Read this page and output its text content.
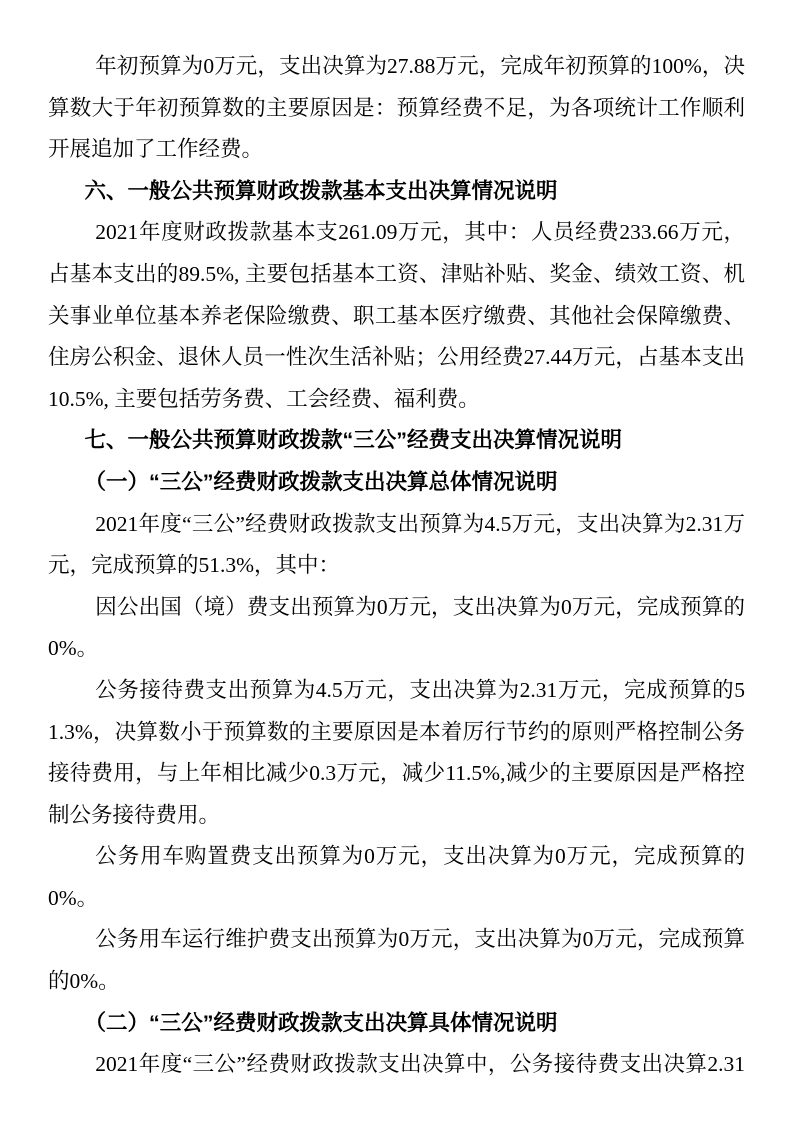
年初预算为0万元，支出决算为27.88万元，完成年初预算的100%，决算数大于年初预算数的主要原因是：预算经费不足，为各项统计工作顺利开展追加了工作经费。

六、一般公共预算财政拨款基本支出决算情况说明

2021年度财政拨款基本支261.09万元，其中：人员经费233.66万元，占基本支出的89.5%, 主要包括基本工资、津贴补贴、奖金、绩效工资、机关事业单位基本养老保险缴费、职工基本医疗缴费、其他社会保障缴费、住房公积金、退休人员一性次生活补贴；公用经费27.44万元，占基本支出10.5%, 主要包括劳务费、工会经费、福利费。

七、一般公共预算财政拨款“三公”经费支出决算情况说明

（一）“三公”经费财政拨款支出决算总体情况说明

2021年度“三公”经费财政拨款支出预算为4.5万元，支出决算为2.31万元，完成预算的51.3%，其中：

因公出国（境）费支出预算为0万元，支出决算为0万元，完成预算的0%。

公务接待费支出预算为4.5万元，支出决算为2.31万元，完成预算的51.3%，决算数小于预算数的主要原因是本着厉行节约的原则严格控制公务接待费用，与上年相比减少0.3万元，减少11.5%,减少的主要原因是严格控制公务接待费用。

公务用车购置费支出预算为0万元，支出决算为0万元，完成预算的0%。

公务用车运行维护费支出预算为0万元，支出决算为0万元，完成预算的0%。

（二）“三公”经费财政拨款支出决算具体情况说明

2021年度“三公”经费财政拨款支出决算中，公务接待费支出决算2.31
